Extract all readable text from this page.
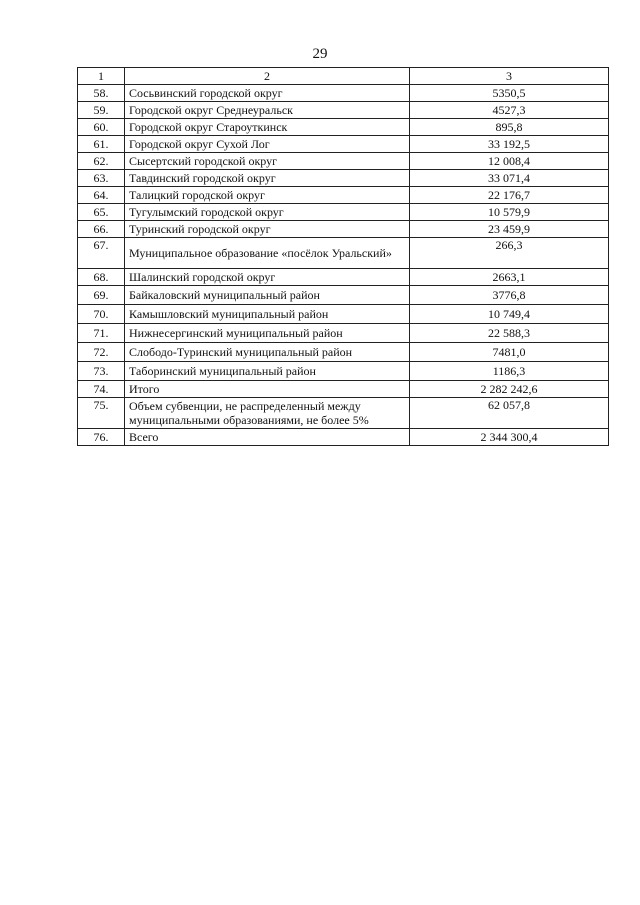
29
1	2	3
58.	Сосьвинский городской округ	5350,5
59.	Городской округ Среднеуральск	4527,3
60.	Городской округ Староуткинск	895,8
61.	Городской округ Сухой Лог	33 192,5
62.	Сысертский городской округ	12 008,4
63.	Тавдинский городской округ	33 071,4
64.	Талицкий городской округ	22 176,7
65.	Тугулымский городской округ	10 579,9
66.	Туринский городской округ	23 459,9
67.	Муниципальное образование «посёлок Уральский»	266,3
68.	Шалинский городской округ	2663,1
69.	Байкаловский муниципальный район	3776,8
70.	Камышловский муниципальный район	10 749,4
71.	Нижнесергинский муниципальный район	22 588,3
72.	Слободо-Туринский муниципальный район	7481,0
73.	Таборинский муниципальный район	1186,3
74.	Итого	2 282 242,6
75.	Объем субвенции, не распределенный между муниципальными образованиями, не более 5%	62 057,8
76.	Всего	2 344 300,4
